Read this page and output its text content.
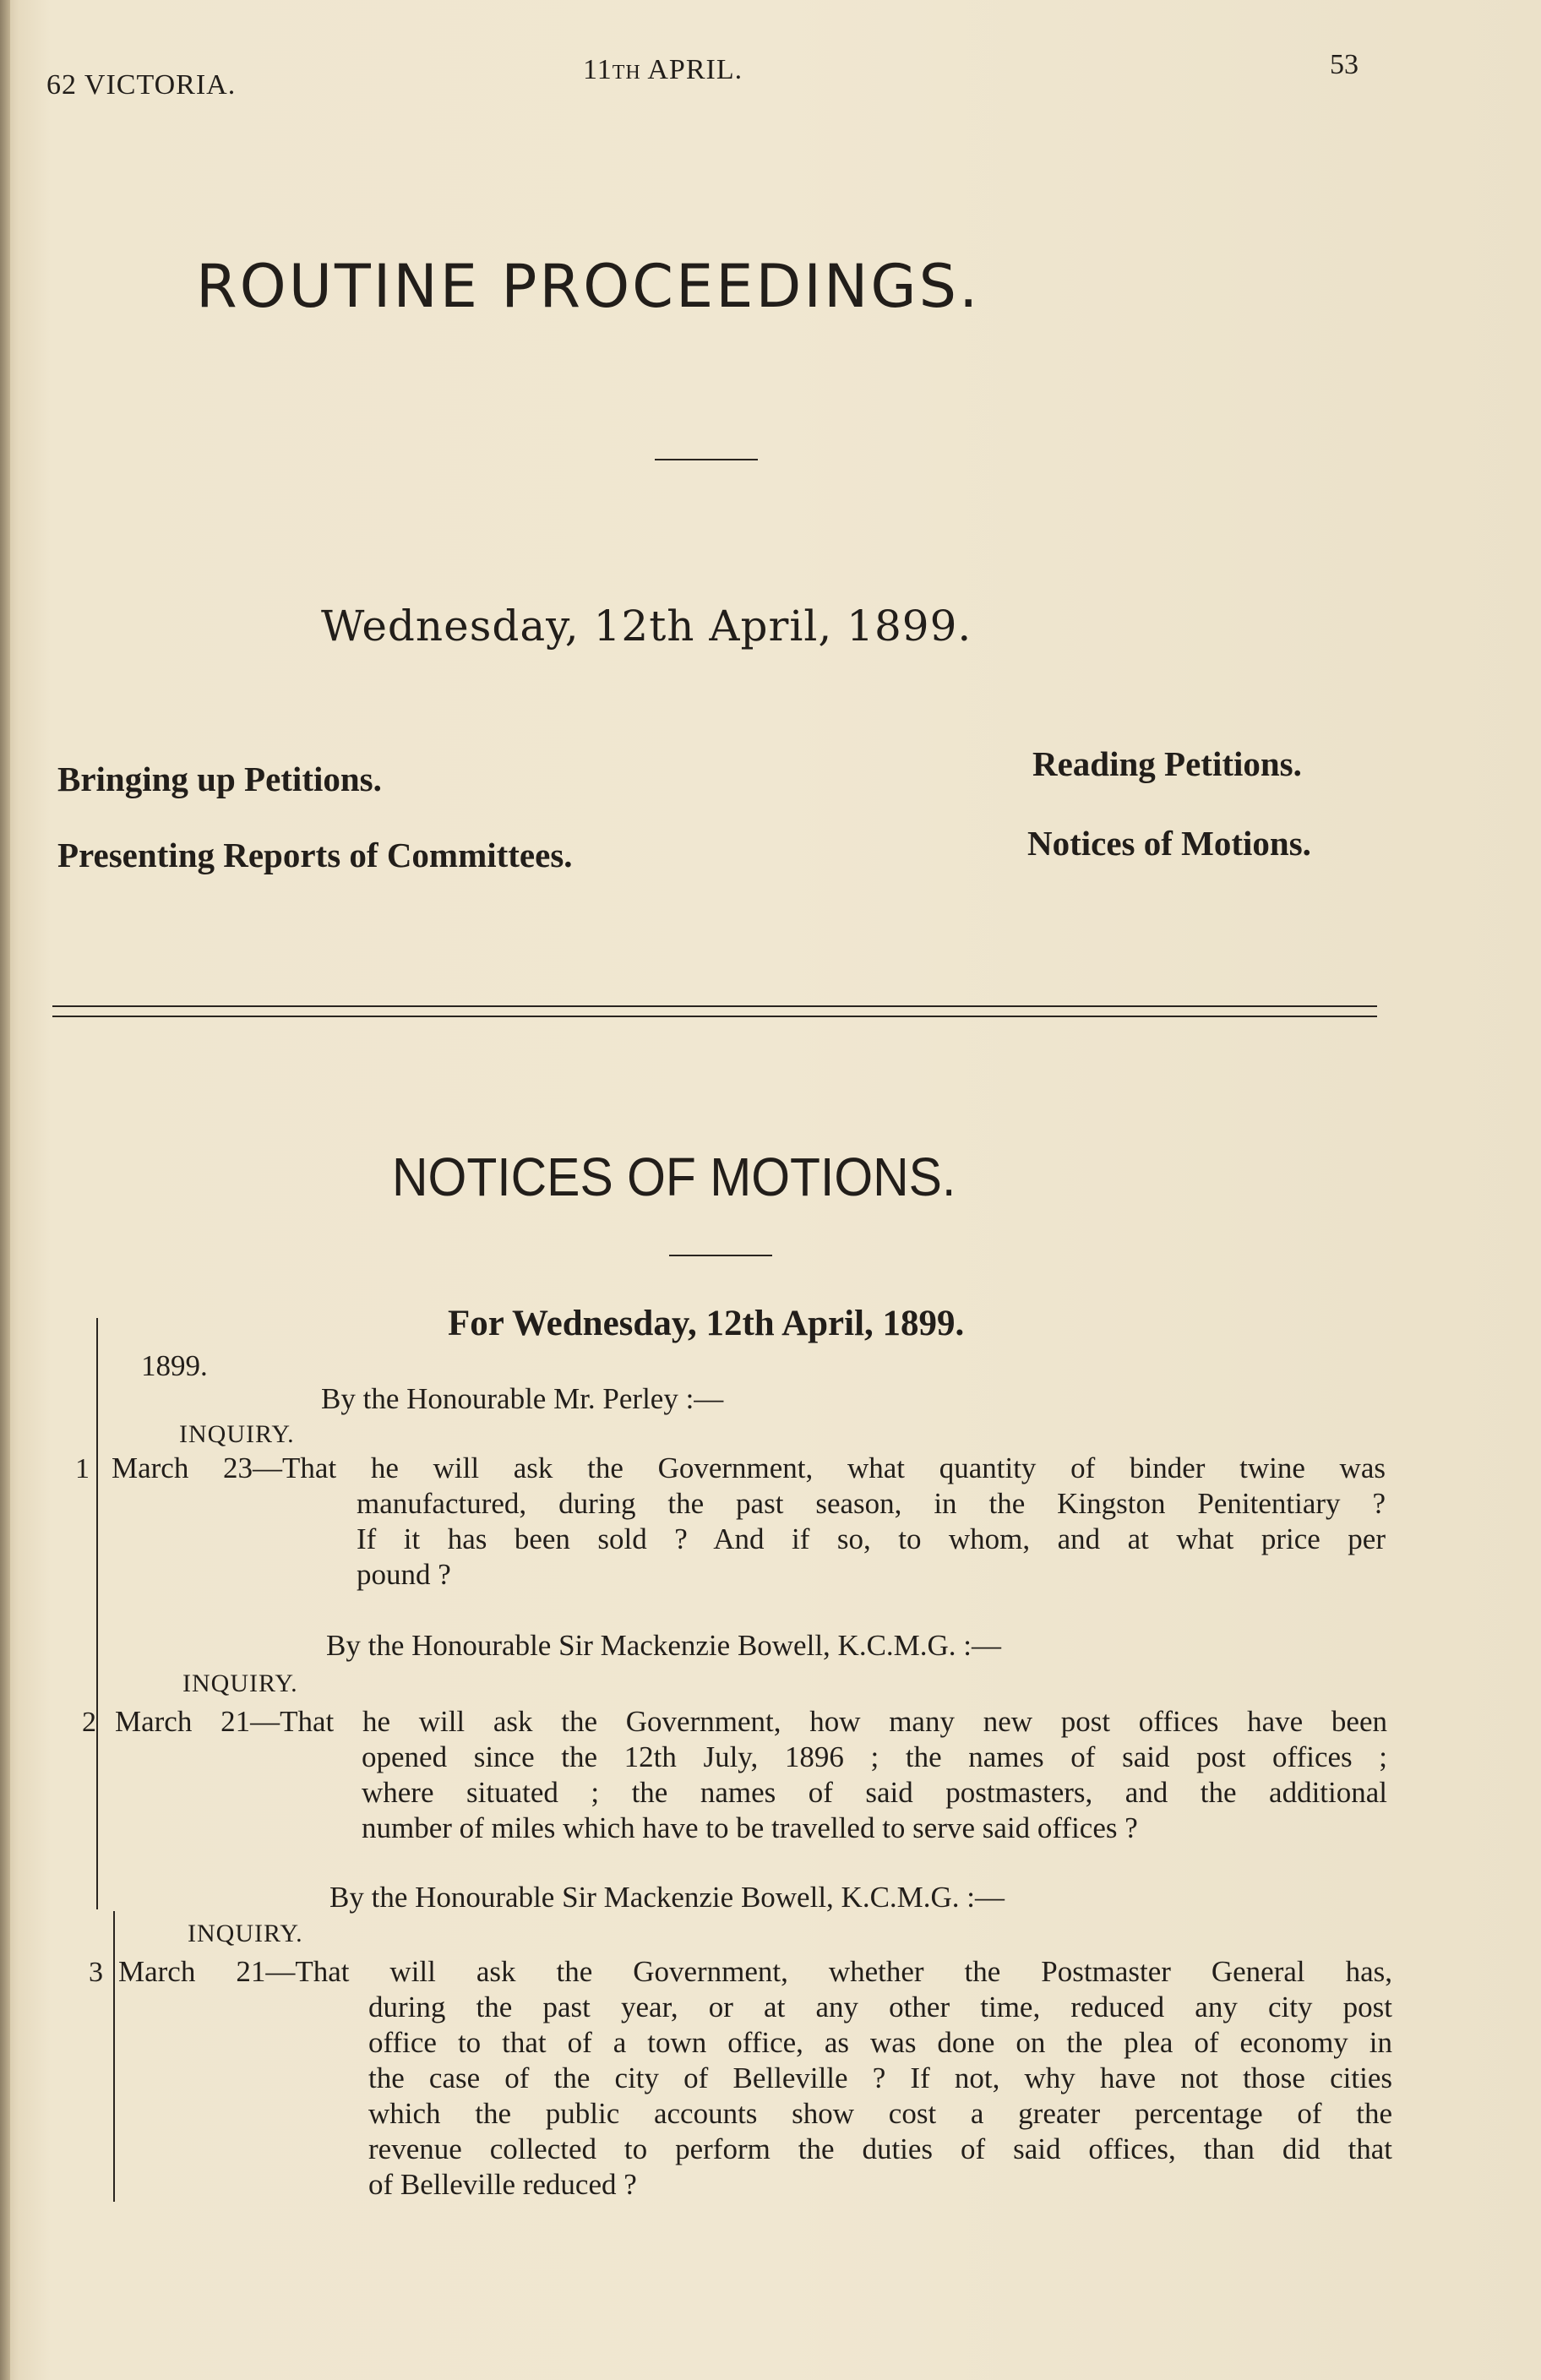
62 VICTORIA.	11TH APRIL.	53
ROUTINE PROCEEDINGS.
Wednesday, 12th April, 1899.
Bringing up Petitions.	Reading Petitions.
Presenting Reports of Committees.	Notices of Motions.
NOTICES OF MOTIONS.
For Wednesday, 12th April, 1899.
1899.
By the Honourable Mr. Perley :—
INQUIRY.
1 March 23—That he will ask the Government, what quantity of binder twine was
manufactured, during the past season, in the Kingston Penitentiary ?
If it has been sold ? And if so, to whom, and at what price per
pound ?
By the Honourable Sir Mackenzie Bowell, K.C.M.G. :—
INQUIRY.
2 March 21—That he will ask the Government, how many new post offices have been
opened since the 12th July, 1896 ; the names of said post offices ;
where situated ; the names of said postmasters, and the additional
number of miles which have to be travelled to serve said offices ?
By the Honourable Sir Mackenzie Bowell, K.C.M.G. :—
INQUIRY.
3 March 21—That will ask the Government, whether the Postmaster General has,
during the past year, or at any other time, reduced any city post
office to that of a town office, as was done on the plea of economy in
the case of the city of Belleville ? If not, why have not those cities
which the public accounts show cost a greater percentage of the
revenue collected to perform the duties of said offices, than did that
of Belleville reduced ?
